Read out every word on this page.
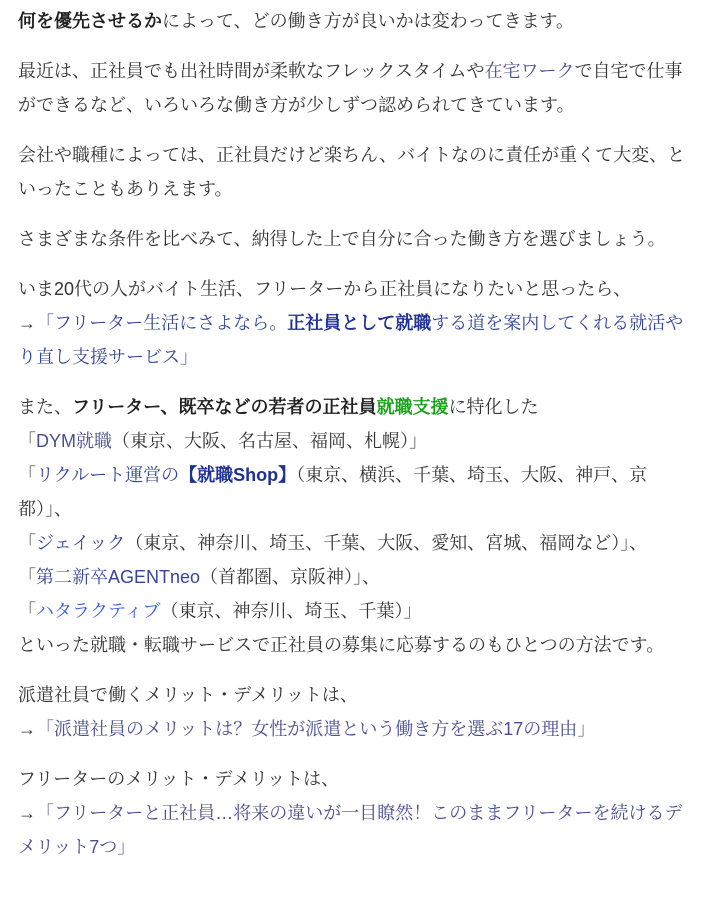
何を優先させるかによって、どの働き方が良いかは変わってきます。

最近は、正社員でも出社時間が柔軟なフレックスタイムや在宅ワークで自宅で仕事ができるなど、いろいろな働き方が少しずつ認められてきています。

会社や職種によっては、正社員だけど楽ちん、バイトなのに責任が重くて大変、といったこともありえます。

さまざまな条件を比べみて、納得した上で自分に合った働き方を選びましょう。

いま20代の人がバイト生活、フリーターから正社員になりたいと思ったら、
→「フリーター生活にさよなら。正社員として就職する道を案内してくれる就活やり直し支援サービス」

また、フリーター、既卒などの若者の正社員就職支援に特化した
「DYM就職（東京、大阪、名古屋、福岡、札幌）」
「リクルート運営の【就職Shop】（東京、横浜、千葉、埼玉、大阪、神戸、京都）」、
「ジェイック（東京、神奈川、埼玉、千葉、大阪、愛知、宮城、福岡など）」、
「第二新卒AGENTneo（首都圏、京阪神）」、
「ハタラクティブ（東京、神奈川、埼玉、千葉）」
といった就職・転職サービスで正社員の募集に応募するのもひとつの方法です。

派遣社員で働くメリット・デメリットは、
→「派遣社員のメリットは？女性が派遣という働き方を選ぶ17の理由」

フリーターのメリット・デメリットは、
→「フリーターと正社員…将来の違いが一目瞭然！このままフリーターを続けるデメリット7つ」
